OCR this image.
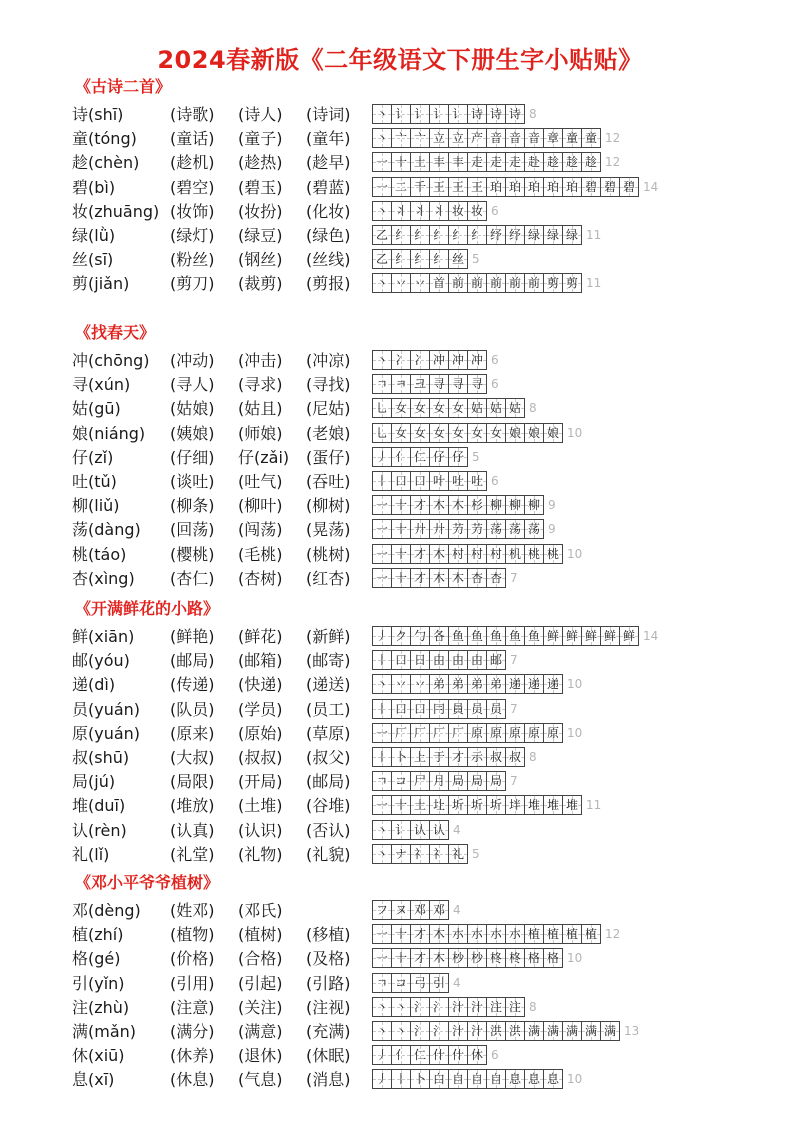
2024春新版《二年级语文下册生字小贴贴》
《古诗二首》
诗(shī)	(诗歌) (诗人) (诗词)	丶 讠 讠 讠 讠 诗 诗 诗 8
童(tóng) (童话) (童子) (童年)	丶 亠 亠 立 立 产 音 音 音 章 童 童 12
趁(chèn) (趁机) (趁热) (趁早)	一 十 土 丰 丰 走 走 走 赴 趁 趁 趁 12
碧(bì)	(碧空) (碧玉) (碧蓝)	一 二 千 王 王 王 珀 珀 珀 珀 珀 碧 碧 碧 14
妆(zhuāng) (妆饰) (妆扮) (化妆)	丶 丬 丬 丬 妆 妆 6
绿(lǜ)	(绿灯) (绿豆) (绿色)	乙 纟 纟 纟 纟 纟 纾 纾 绿 绿 绿 11
丝(sī)	(粉丝) (钢丝) (丝线)	乙 纟 纟 纟 丝 5
剪(jiǎn)	(剪刀) (裁剪) (剪报)	丶 丷 丷 首 前 前 前 前 前 剪 剪 11
《找春天》
冲(chōng) (冲动) (冲击) (冲凉)	丶 冫 冫 冲 冲 冲 6
寻(xún) (寻人) (寻求) (寻找)	ㄱ ㅋ 크 寻 寻 寻 6
姑(gū)	(姑娘) (姑且) (尼姑)	乚 女 女 女 女 姑 姑 姑 8
娘(niáng) (姨娘) (师娘) (老娘)	乚 女 女 女 女 女 女 娘 娘 娘 10
仔(zǐ)	(仔细) 仔(zǎi) (蛋仔)	丿 亻 仁 仔 仔 5
吐(tǔ)	(谈吐) (吐气) (吞吐)	丨 口 口 叶 吐 吐 6
柳(liǔ)	(柳条) (柳叶) (柳树)	一 十 才 木 木 杉 柳 柳 柳 9
荡(dàng) (回荡) (闯荡) (晃荡)	一 十 廾 廾 芀 芀 荡 荡 荡 9
桃(táo)	(樱桃) (毛桃) (桃树)	一 十 才 木 村 村 村 机 桃 桃 10
杏(xìng) (杏仁) (杏树) (红杏)	一 十 才 木 木 杏 杏 7
《开满鲜花的小路》
鲜(xiān) (鲜艳) (鲜花) (新鲜)	丿 ク 勹 各 鱼 鱼 鱼 鱼 鱼 鲜 鲜 鲜 鲜 鲜 14
邮(yóu)	(邮局) (邮箱) (邮寄)	丨 口 日 由 由 由 邮 7
递(dì)	(传递) (快递) (递送)	丶 丷 丷 弟 弟 弟 弟 递 递 递 10
员(yuán) (队员) (学员) (员工)	丨 口 口 冃 員 员 员 7
原(yuán) (原来) (原始) (草原)	一 厂 厂 厂 厂 原 原 原 原 原 10
叔(shū)	(大叔) (叔叔) (叔父)	丨 卜 上 于 才 示 叔 叔 8
局(jú)	(局限) (开局) (邮局)	ㄱ コ 尸 月 局 局 局 7
堆(duī)	(堆放) (土堆) (谷堆)	一 十 土 圵 圻 圻 圻 坢 堆 堆 堆 11
认(rèn)	(认真) (认识) (否认)	丶 讠 认 认 4
礼(lǐ)	(礼堂) (礼物) (礼貌)	丶 ナ 礻 礻 礼 5
《邓小平爷爷植树》
邓(dèng) (姓邓) (邓氏)	フ ヌ 邓 邓 4
植(zhí)	(植物) (植树) (移植)	一 十 才 木 朩 朩 朩 朩 植 植 植 植 12
格(gé)	(价格) (合格) (及格)	一 十 才 木 杪 杪 柊 柊 格 格 10
引(yǐn)	(引用) (引起) (引路)	ㄱ コ 弓 引 4
注(zhù)	(注意) (关注) (注视)	丶 丶 氵 氵 汁 汁 注 注 8
满(mǎn) (满分) (满意) (充满)	丶 丶 氵 氵 汁 汁 洪 洪 满 满 满 满 满 13
休(xiū)	(休养) (退休) (休眠)	丿 亻 仁 什 什 休 6
息(xī)	(休息) (气息) (消息)	丿 丨 卜 白 自 自 自 息 息 息 10
